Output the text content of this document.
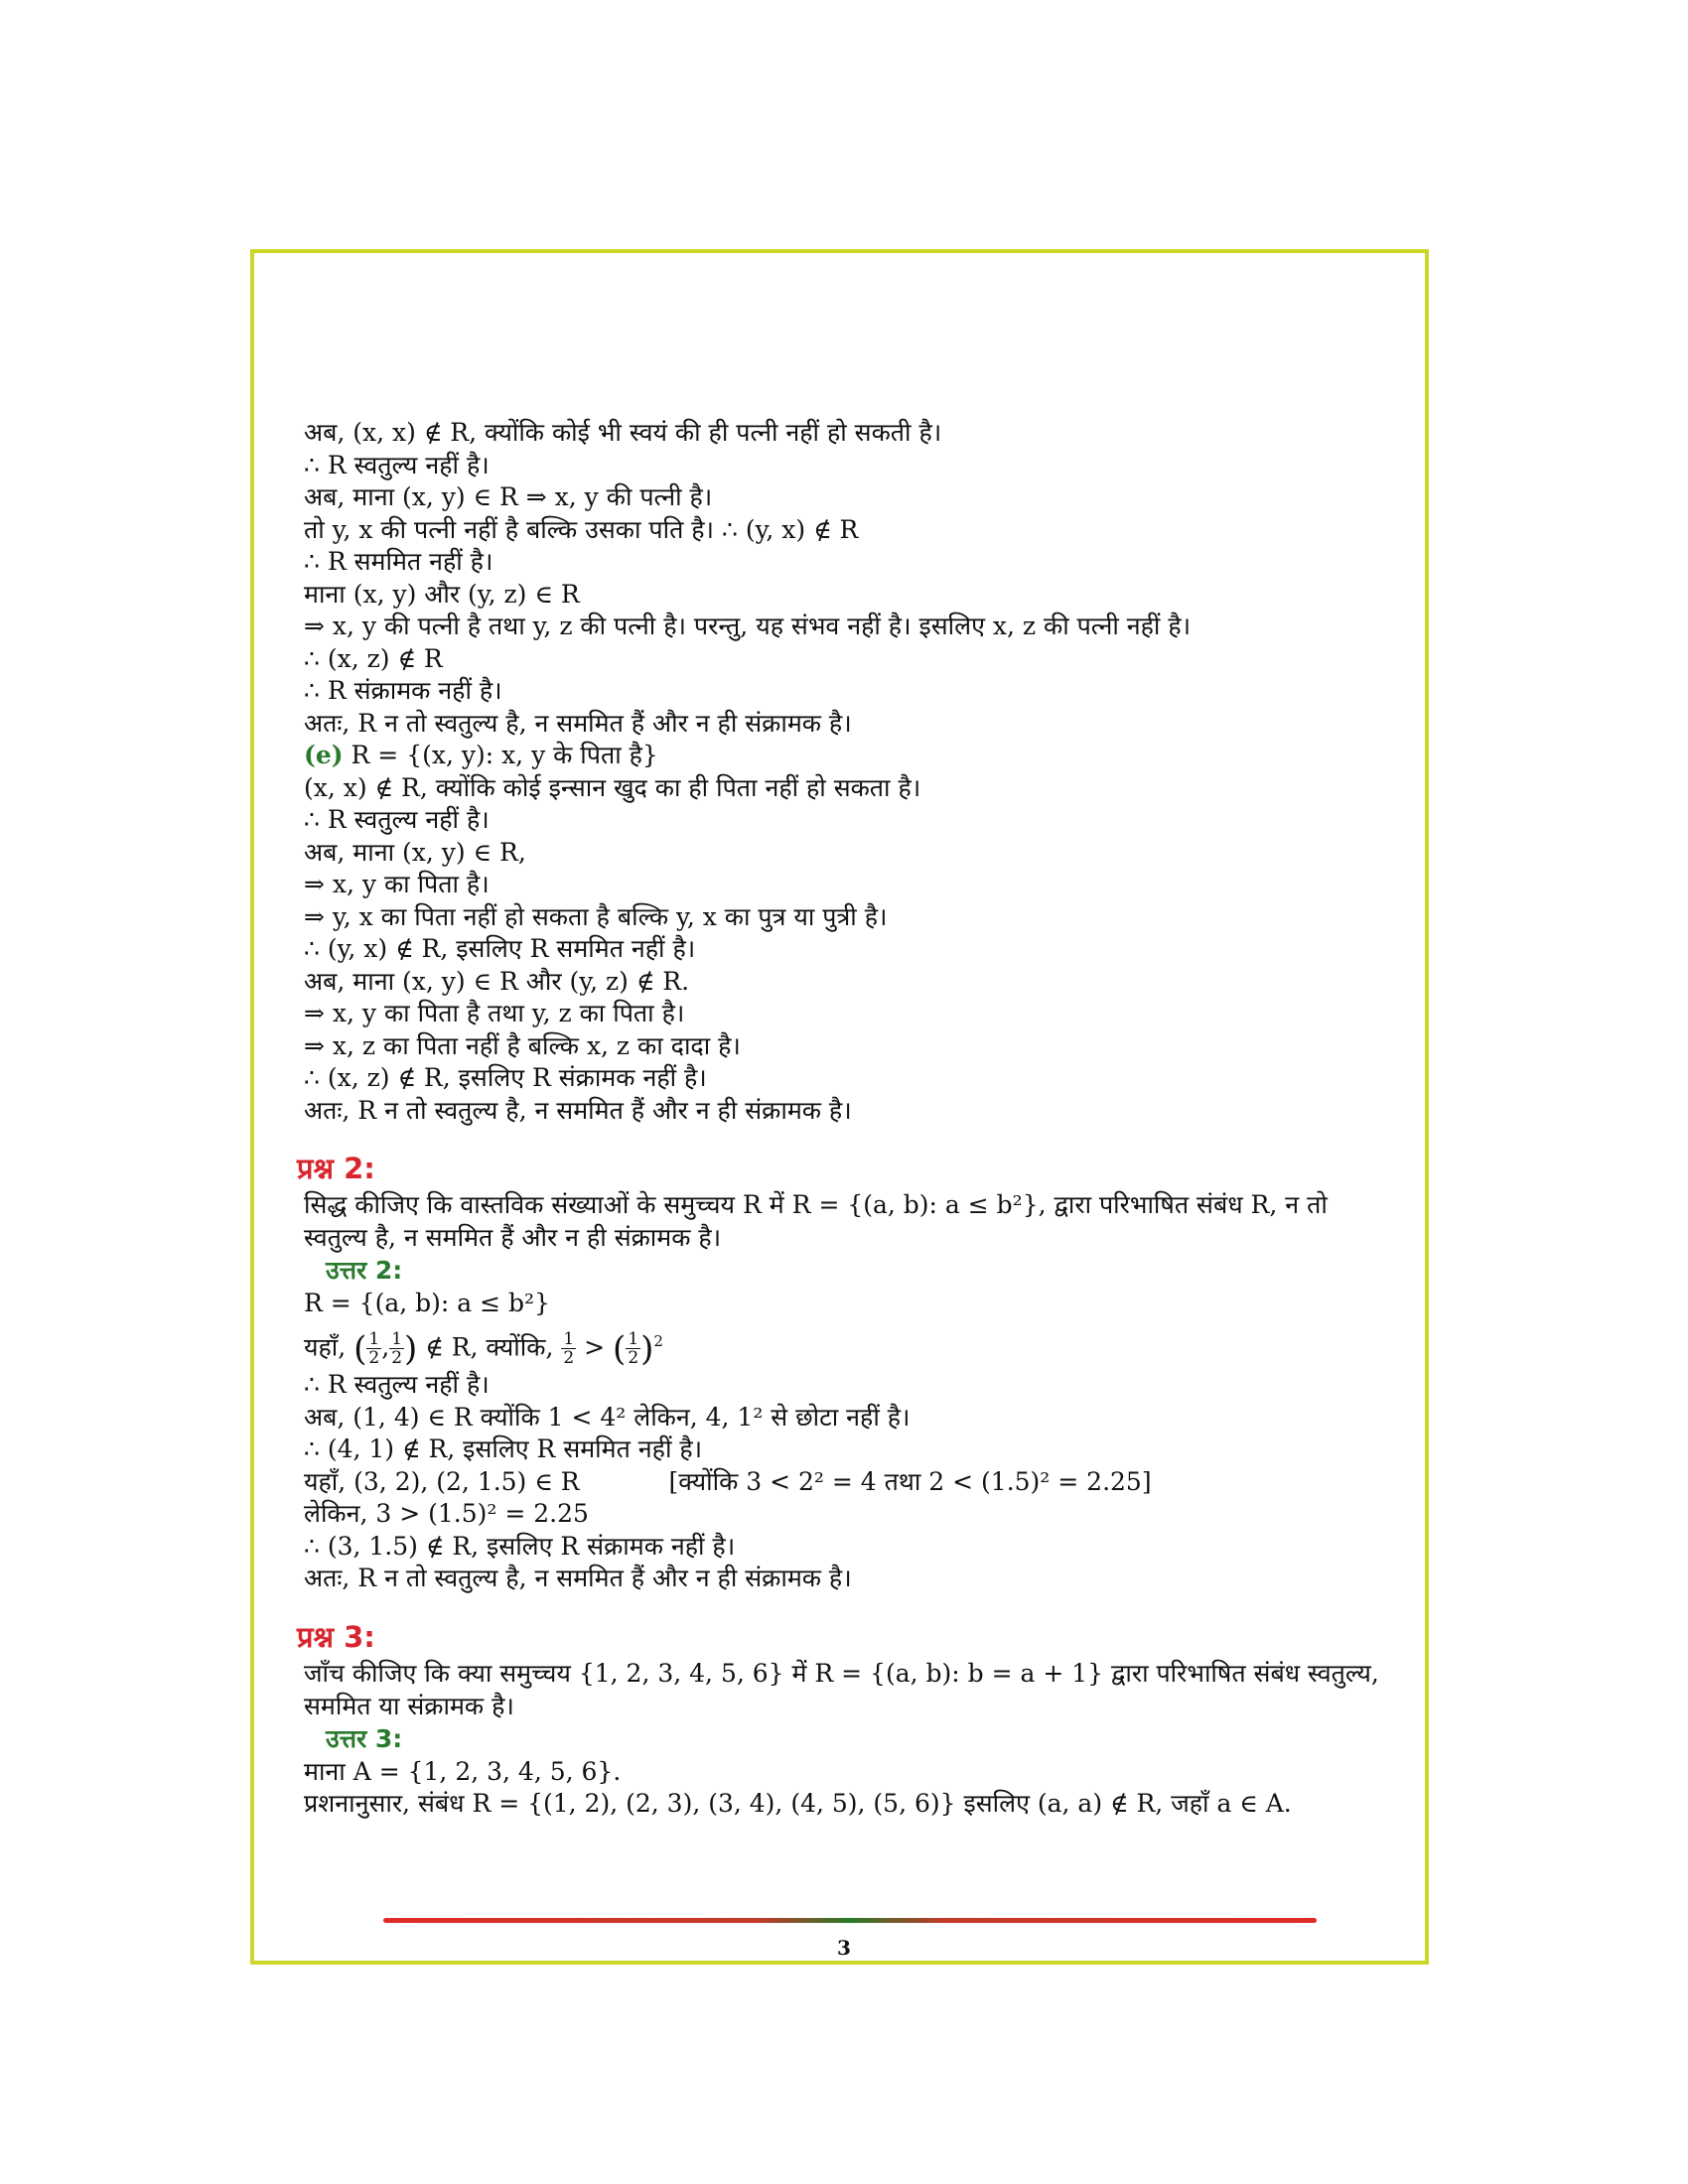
अब, (x, x) ∉ R, क्योंकि कोई भी स्वयं की ही पत्नी नहीं हो सकती है।
∴ R स्वतुल्य नहीं है।
अब, माना (x, y) ∈ R ⇒ x, y की पत्नी है।
तो y, x की पत्नी नहीं है बल्कि उसका पति है। ∴ (y, x) ∉ R
∴ R सममित नहीं है।
माना (x, y) और (y, z) ∈ R
⇒ x, y की पत्नी है तथा y, z की पत्नी है। परन्तु, यह संभव नहीं है। इसलिए x, z की पत्नी नहीं है।
∴ (x, z) ∉ R
∴ R संक्रामक नहीं है।
अतः, R न तो स्वतुल्य है, न सममित हैं और न ही संक्रामक है।
(e) R = {(x, y): x, y के पिता है}
(x, x) ∉ R, क्योंकि कोई इन्सान खुद का ही पिता नहीं हो सकता है।
∴ R स्वतुल्य नहीं है।
अब, माना (x, y) ∈ R,
⇒ x, y का पिता है।
⇒ y, x का पिता नहीं हो सकता है बल्कि y, x का पुत्र या पुत्री है।
∴ (y, x) ∉ R, इसलिए R सममित नहीं है।
अब, माना (x, y) ∈ R और (y, z) ∉ R.
⇒ x, y का पिता है तथा y, z का पिता है।
⇒ x, z का पिता नहीं है बल्कि x, z का दादा है।
∴ (x, z) ∉ R, इसलिए R संक्रामक नहीं है।
अतः, R न तो स्वतुल्य है, न सममित हैं और न ही संक्रामक है।
प्रश्न 2:
सिद्ध कीजिए कि वास्तविक संख्याओं के समुच्चय R में R = {(a, b): a ≤ b²}, द्वारा परिभाषित संबंध R, न तो स्वतुल्य है, न सममित हैं और न ही संक्रामक है।
उत्तर 2:
R = {(a, b): a ≤ b²}
यहाँ, ( $\frac{1}{2}$ , $\frac{1}{2}$ ) ∉ R, क्योंकि, $\frac{1}{2}$ > ( $\frac{1}{2} )^2$
∴ R स्वतुल्य नहीं है।
अब, (1, 4) ∈ R क्योंकि 1 < 4² लेकिन, 4, 1² से छोटा नहीं है।
∴ (4, 1) ∉ R, इसलिए R सममित नहीं है।
यहाँ, (3, 2), (2, 1.5) ∈ R	[क्योंकि 3 < 2² = 4 तथा 2 < (1.5)² = 2.25]
लेकिन, 3 > (1.5)² = 2.25
∴ (3, 1.5) ∉ R, इसलिए R संक्रामक नहीं है।
अतः, R न तो स्वतुल्य है, न सममित हैं और न ही संक्रामक है।
प्रश्न 3:
जाँच कीजिए कि क्या समुच्चय {1, 2, 3, 4, 5, 6} में R = {(a, b): b = a + 1} द्वारा परिभाषित संबंध स्वतुल्य, सममित या संक्रामक है।
उत्तर 3:
माना A = {1, 2, 3, 4, 5, 6}.
प्रशनानुसार, संबंध R = {(1, 2), (2, 3), (3, 4), (4, 5), (5, 6)} इसलिए (a, a) ∉ R, जहाँ a ∈ A.
3
